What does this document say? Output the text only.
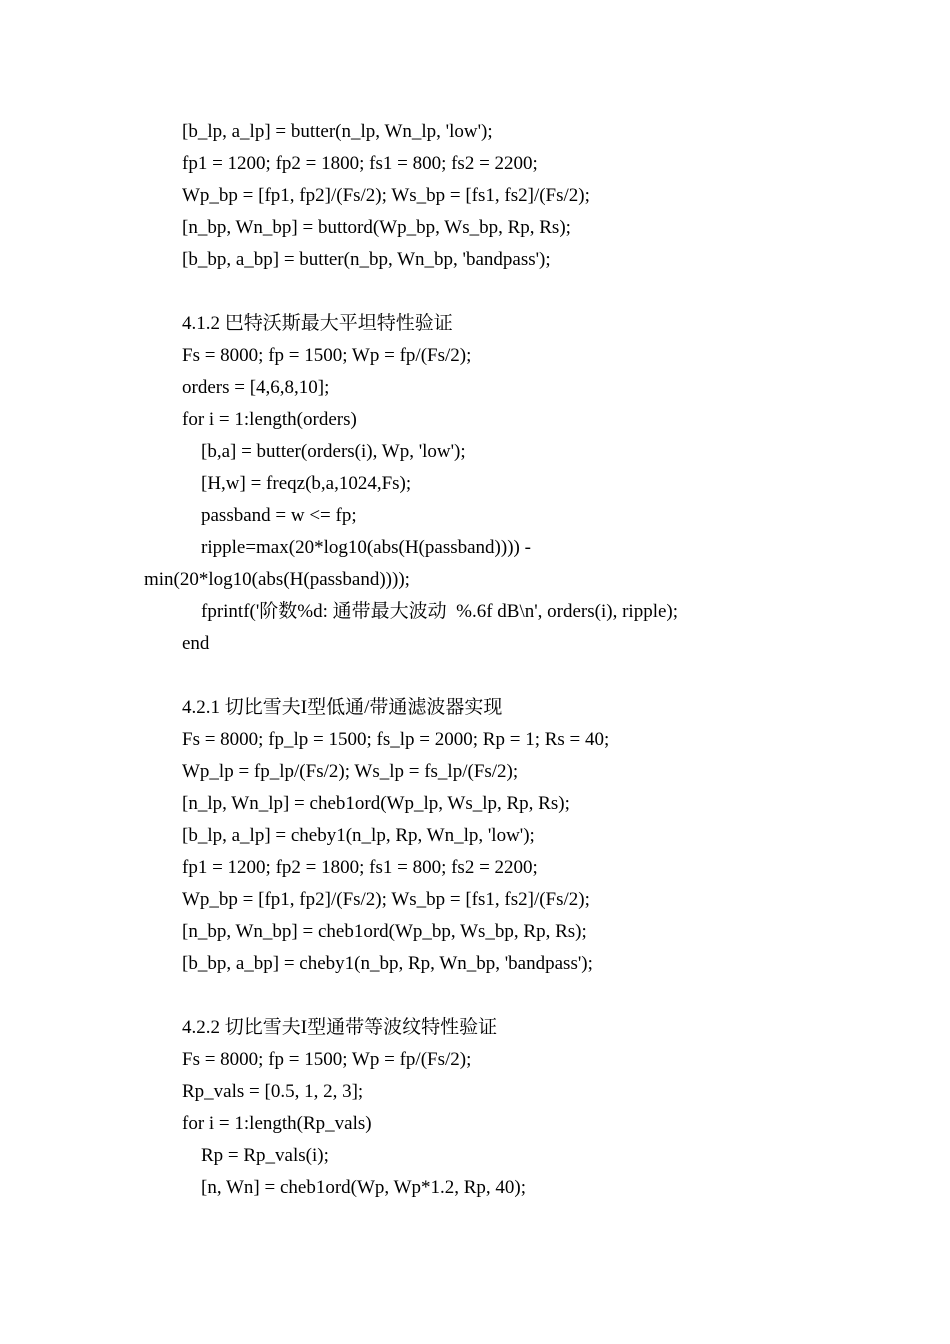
[b_lp, a_lp] = butter(n_lp, Wn_lp, 'low');
fp1 = 1200; fp2 = 1800; fs1 = 800; fs2 = 2200;
Wp_bp = [fp1, fp2]/(Fs/2); Ws_bp = [fs1, fs2]/(Fs/2);
[n_bp, Wn_bp] = buttord(Wp_bp, Ws_bp, Rp, Rs);
[b_bp, a_bp] = butter(n_bp, Wn_bp, 'bandpass');
4.1.2 巴特沃斯最大平坦特性验证
Fs = 8000; fp = 1500; Wp = fp/(Fs/2);
orders = [4,6,8,10];
for i = 1:length(orders)
[b,a] = butter(orders(i), Wp, 'low');
[H,w] = freqz(b,a,1024,Fs);
passband = w <= fp;
ripple=max(20*log10(abs(H(passband)))) -
min(20*log10(abs(H(passband))));
fprintf('阶数%d: 通带最大波动  %.6f dB\n', orders(i), ripple);
end
4.2.1 切比雪夫I型低通/带通滤波器实现
Fs = 8000; fp_lp = 1500; fs_lp = 2000; Rp = 1; Rs = 40;
Wp_lp = fp_lp/(Fs/2); Ws_lp = fs_lp/(Fs/2);
[n_lp, Wn_lp] = cheb1ord(Wp_lp, Ws_lp, Rp, Rs);
[b_lp, a_lp] = cheby1(n_lp, Rp, Wn_lp, 'low');
fp1 = 1200; fp2 = 1800; fs1 = 800; fs2 = 2200;
Wp_bp = [fp1, fp2]/(Fs/2); Ws_bp = [fs1, fs2]/(Fs/2);
[n_bp, Wn_bp] = cheb1ord(Wp_bp, Ws_bp, Rp, Rs);
[b_bp, a_bp] = cheby1(n_bp, Rp, Wn_bp, 'bandpass');
4.2.2 切比雪夫I型通带等波纹特性验证
Fs = 8000; fp = 1500; Wp = fp/(Fs/2);
Rp_vals = [0.5, 1, 2, 3];
for i = 1:length(Rp_vals)
Rp = Rp_vals(i);
[n, Wn] = cheb1ord(Wp, Wp*1.2, Rp, 40);
